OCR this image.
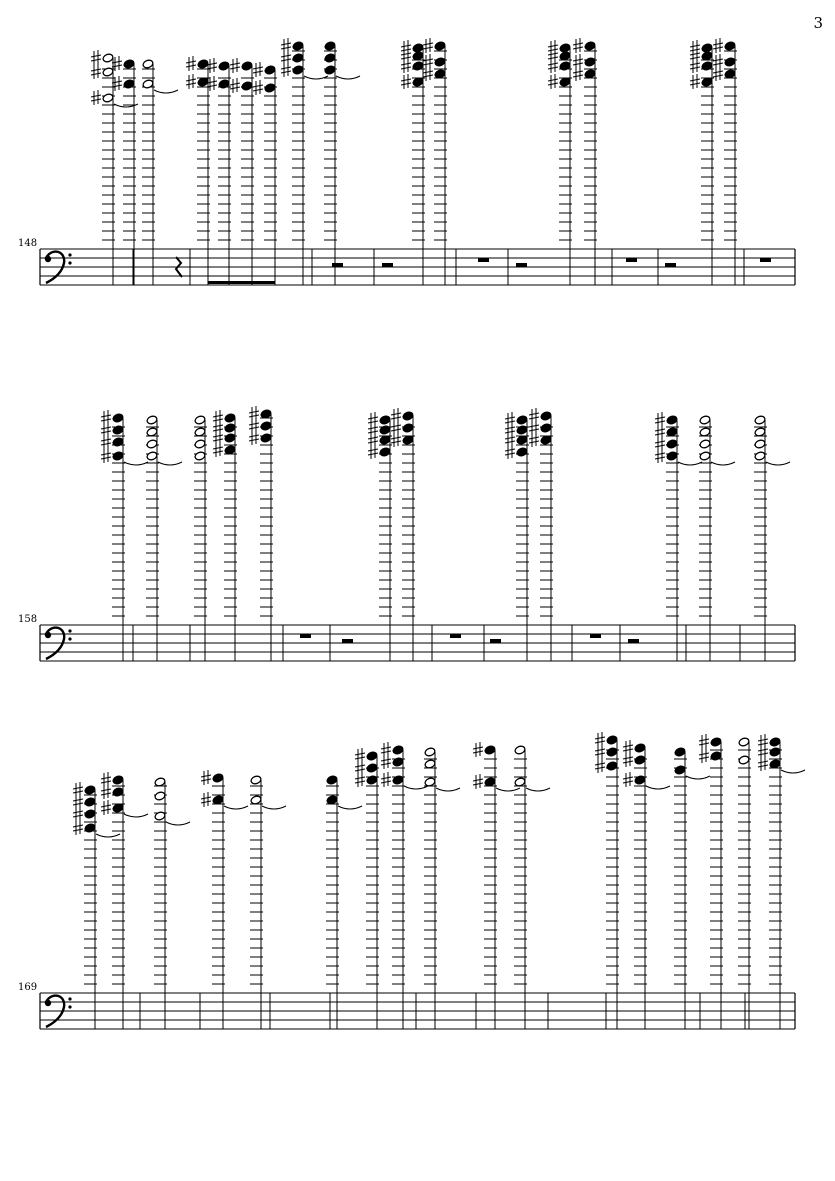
3
148
158
169
